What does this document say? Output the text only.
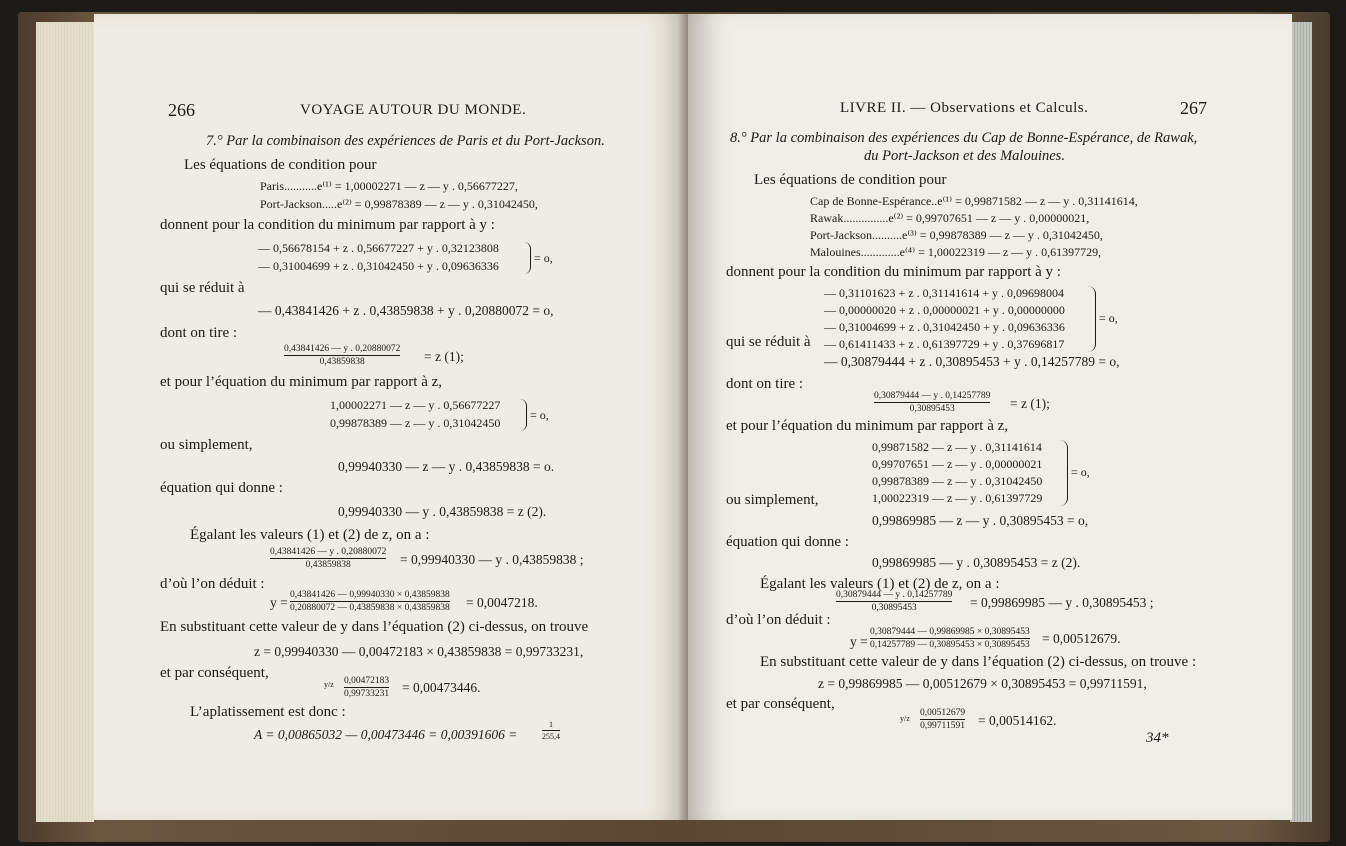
266	VOYAGE AUTOUR DU MONDE.
7.° Par la combinaison des expériences de Paris et du Port-Jackson.
Les équations de condition pour
Paris...........e⁽¹⁾ = 1,00002271 — z — y . 0,56677227,
Port-Jackson.....e⁽²⁾ = 0,99878389 — z — y . 0,31042450,
donnent pour la condition du minimum par rapport à y :
— 0,56678154 + z . 0,56677227 + y . 0,32123808
— 0,31004699 + z . 0,31042450 + y . 0,09636336
= o,
qui se réduit à
— 0,43841426 + z . 0,43859838 + y . 0,20880072 = o,
dont on tire :
0,43841426 — y . 0,20880072
0,43859838	= z (1);
et pour l’équation du minimum par rapport à z,
1,00002271 — z — y . 0,56677227
0,99878389 — z — y . 0,31042450
= o,
ou simplement,
0,99940330 — z — y . 0,43859838 = o.
équation qui donne :
0,99940330 — y . 0,43859838 = z (2).
Égalant les valeurs (1) et (2) de z, on a :
0,43841426 — y . 0,20880072
0,43859838	= 0,99940330 — y . 0,43859838 ;
d’où l’on déduit :
y = 0,43841426 — 0,99940330 × 0,43859838
0,20880072 — 0,43859838 × 0,43859838 = 0,0047218.
En substituant cette valeur de y dans l’équation (2) ci-dessus, on trouve
z = 0,99940330 — 0,00472183 × 0,43859838 = 0,99733231,
et par conséquent,
y/z 0,00472183
0,99733231 = 0,00473446.
L’aplatissement est donc :
A = 0,00865032 — 0,00473446 = 0,00391606 =
1
255,4
LIVRE II. — Observations et Calculs.	267
8.° Par la combinaison des expériences du Cap de Bonne-Espérance, de Rawak,
du Port-Jackson et des Malouines.
Les équations de condition pour
Cap de Bonne-Espérance..e⁽¹⁾ = 0,99871582 — z — y . 0,31141614,
Rawak...............e⁽²⁾ = 0,99707651 — z — y . 0,00000021,
Port-Jackson..........e⁽³⁾ = 0,99878389 — z — y . 0,31042450,
Malouines.............e⁽⁴⁾ = 1,00022319 — z — y . 0,61397729,
donnent pour la condition du minimum par rapport à y :
— 0,31101623 + z . 0,31141614 + y . 0,09698004
— 0,00000020 + z . 0,00000021 + y . 0,00000000
— 0,31004699 + z . 0,31042450 + y . 0,09636336
— 0,61411433 + z . 0,61397729 + y . 0,37696817
= o,
qui se réduit à
— 0,30879444 + z . 0,30895453 + y . 0,14257789 = o,
dont on tire :
0,30879444 — y . 0,14257789
0,30895453	= z (1);
et pour l’équation du minimum par rapport à z,
0,99871582 — z — y . 0,31141614
0,99707651 — z — y . 0,00000021
0,99878389 — z — y . 0,31042450
1,00022319 — z — y . 0,61397729
= o,
ou simplement,
0,99869985 — z — y . 0,30895453 = o,
équation qui donne :
0,99869985 — y . 0,30895453 = z (2).
Égalant les valeurs (1) et (2) de z, on a :
0,30879444 — y . 0,14257789
0,30895453	= 0,99869985 — y . 0,30895453 ;
d’où l’on déduit :
y =
0,30879444 — 0,99869985 × 0,30895453
0,14257789 — 0,30895453 × 0,30895453 = 0,00512679.
En substituant cette valeur de y dans l’équation (2) ci-dessus, on trouve :
z = 0,99869985 — 0,00512679 × 0,30895453 = 0,99711591,
et par conséquent,
y/z
0,00512679
0,99711591 = 0,00514162.
34*
